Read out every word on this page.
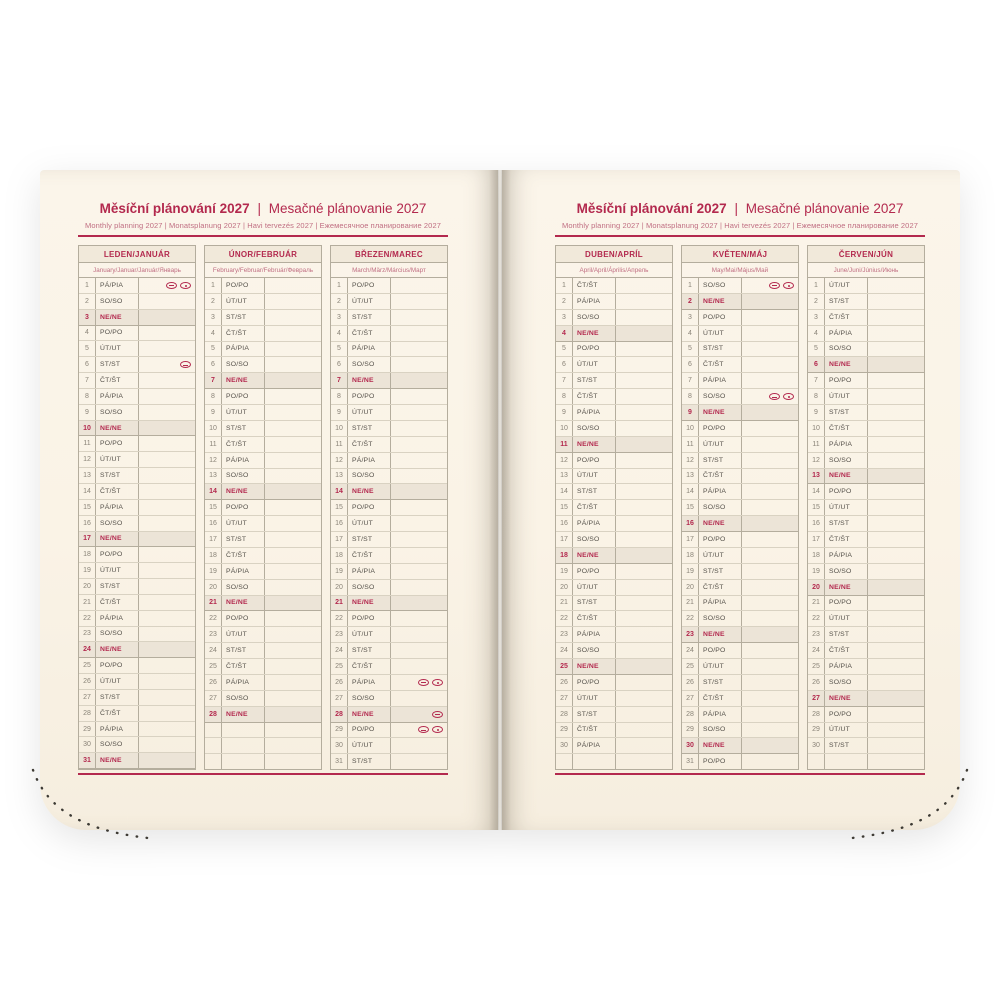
Měsíční plánování 2027 | Mesačné plánovanie 2027
Monthly planning 2027 | Monatsplanung 2027 | Havi tervezés 2027 | Ежемесячное планирование 2027
LEDEN/JANUÁR
January/Januar/Január/Январь
1	PÁ/PIA
2	SO/SO
3	NE/NE
4	PO/PO
5	ÚT/UT
6	ST/ST
7	ČT/ŠT
8	PÁ/PIA
9	SO/SO
10	NE/NE
11	PO/PO
12	ÚT/UT
13	ST/ST
14	ČT/ŠT
15	PÁ/PIA
16	SO/SO
17	NE/NE
18	PO/PO
19	ÚT/UT
20	ST/ST
21	ČT/ŠT
22	PÁ/PIA
23	SO/SO
24	NE/NE
25	PO/PO
26	ÚT/UT
27	ST/ST
28	ČT/ŠT
29	PÁ/PIA
30	SO/SO
31	NE/NE
ÚNOR/FEBRUÁR
February/Februar/Február/Февраль
1	PO/PO
2	ÚT/UT
3	ST/ST
4	ČT/ŠT
5	PÁ/PIA
6	SO/SO
7	NE/NE
8	PO/PO
9	ÚT/UT
10	ST/ST
11	ČT/ŠT
12	PÁ/PIA
13	SO/SO
14	NE/NE
15	PO/PO
16	ÚT/UT
17	ST/ST
18	ČT/ŠT
19	PÁ/PIA
20	SO/SO
21	NE/NE
22	PO/PO
23	ÚT/UT
24	ST/ST
25	ČT/ŠT
26	PÁ/PIA
27	SO/SO
28	NE/NE
BŘEZEN/MAREC
March/März/Március/Март
1	PO/PO
2	ÚT/UT
3	ST/ST
4	ČT/ŠT
5	PÁ/PIA
6	SO/SO
7	NE/NE
8	PO/PO
9	ÚT/UT
10	ST/ST
11	ČT/ŠT
12	PÁ/PIA
13	SO/SO
14	NE/NE
15	PO/PO
16	ÚT/UT
17	ST/ST
18	ČT/ŠT
19	PÁ/PIA
20	SO/SO
21	NE/NE
22	PO/PO
23	ÚT/UT
24	ST/ST
25	ČT/ŠT
26	PÁ/PIA
27	SO/SO
28	NE/NE
29	PO/PO
30	ÚT/UT
31	ST/ST
Měsíční plánování 2027 | Mesačné plánovanie 2027
Monthly planning 2027 | Monatsplanung 2027 | Havi tervezés 2027 | Ежемесячное планирование 2027
DUBEN/APRÍL
April/April/Április/Апрель
1	ČT/ŠT
2	PÁ/PIA
3	SO/SO
4	NE/NE
5	PO/PO
6	ÚT/UT
7	ST/ST
8	ČT/ŠT
9	PÁ/PIA
10	SO/SO
11	NE/NE
12	PO/PO
13	ÚT/UT
14	ST/ST
15	ČT/ŠT
16	PÁ/PIA
17	SO/SO
18	NE/NE
19	PO/PO
20	ÚT/UT
21	ST/ST
22	ČT/ŠT
23	PÁ/PIA
24	SO/SO
25	NE/NE
26	PO/PO
27	ÚT/UT
28	ST/ST
29	ČT/ŠT
30	PÁ/PIA
KVĚTEN/MÁJ
May/Mai/Május/Май
1	SO/SO
2	NE/NE
3	PO/PO
4	ÚT/UT
5	ST/ST
6	ČT/ŠT
7	PÁ/PIA
8	SO/SO
9	NE/NE
10	PO/PO
11	ÚT/UT
12	ST/ST
13	ČT/ŠT
14	PÁ/PIA
15	SO/SO
16	NE/NE
17	PO/PO
18	ÚT/UT
19	ST/ST
20	ČT/ŠT
21	PÁ/PIA
22	SO/SO
23	NE/NE
24	PO/PO
25	ÚT/UT
26	ST/ST
27	ČT/ŠT
28	PÁ/PIA
29	SO/SO
30	NE/NE
31	PO/PO
ČERVEN/JÚN
June/Juni/Június/Июнь
1	ÚT/UT
2	ST/ST
3	ČT/ŠT
4	PÁ/PIA
5	SO/SO
6	NE/NE
7	PO/PO
8	ÚT/UT
9	ST/ST
10	ČT/ŠT
11	PÁ/PIA
12	SO/SO
13	NE/NE
14	PO/PO
15	ÚT/UT
16	ST/ST
17	ČT/ŠT
18	PÁ/PIA
19	SO/SO
20	NE/NE
21	PO/PO
22	ÚT/UT
23	ST/ST
24	ČT/ŠT
25	PÁ/PIA
26	SO/SO
27	NE/NE
28	PO/PO
29	ÚT/UT
30	ST/ST
